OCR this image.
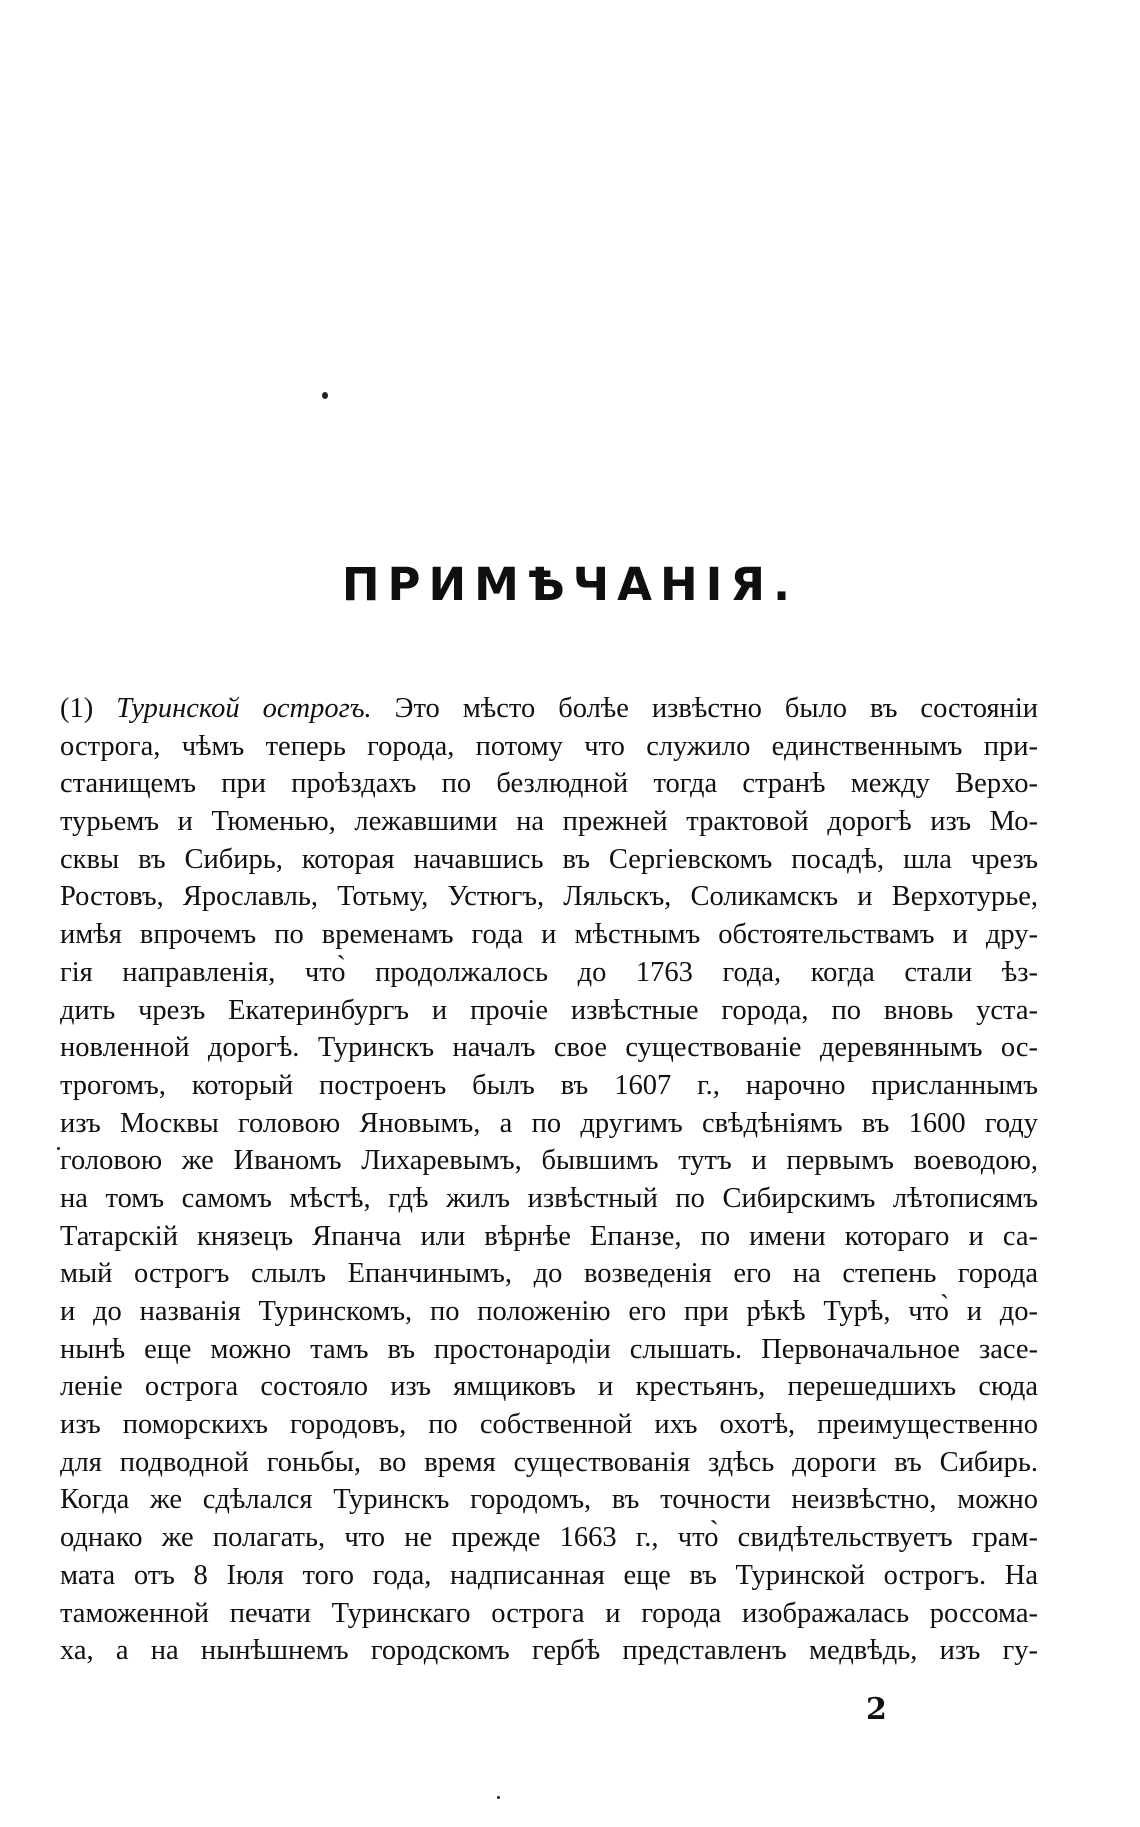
ПРИМѢЧАНІЯ.
(1) Туринской острогъ. Это мѣсто болѣе извѣстно было въ состояніи
острога, чѣмъ теперь города, потому что служило единственнымъ при-
станищемъ при проѣздахъ по безлюдной тогда странѣ между Верхо-
турьемъ и Тюменью, лежавшими на прежней трактовой дорогѣ изъ Мо-
сквы въ Сибирь, которая начавшись въ Сергіевскомъ посадѣ, шла чрезъ
Ростовъ, Ярославль, Тотьму, Устюгъ, Ляльскъ, Соликамскъ и Верхотурье,
имѣя впрочемъ по временамъ года и мѣстнымъ обстоятельствамъ и дру-
гія направленія, что̀ продолжалось до 1763 года, когда стали ѣз-
дить чрезъ Екатеринбургъ и прочіе извѣстные города, по вновь уста-
новленной дорогѣ. Туринскъ началъ свое существованіе деревяннымъ ос-
трогомъ, который построенъ былъ въ 1607 г., нарочно присланнымъ
изъ Москвы головою Яновымъ, а по другимъ свѣдѣніямъ въ 1600 году
головою же Иваномъ Лихаревымъ, бывшимъ тутъ и первымъ воеводою,
на томъ самомъ мѣстѣ, гдѣ жилъ извѣстный по Сибирскимъ лѣтописямъ
Татарскій князецъ Япанча или вѣрнѣе Епанзе, по имени котораго и са-
мый острогъ слылъ Епанчинымъ, до возведенія его на степень города
и до названія Туринскомъ, по положенію его при рѣкѣ Турѣ, что̀ и до-
нынѣ еще можно тамъ въ простонародіи слышать. Первоначальное засе-
леніе острога состояло изъ ямщиковъ и крестьянъ, перешедшихъ сюда
изъ поморскихъ городовъ, по собственной ихъ охотѣ, преимущественно
для подводной гоньбы, во время существованія здѣсь дороги въ Сибирь.
Когда же сдѣлался Туринскъ городомъ, въ точности неизвѣстно, можно
однако же полагать, что не прежде 1663 г., что̀ свидѣтельствуетъ грам-
мата отъ 8 Іюля того года, надписанная еще въ Туринской острогъ. На
таможенной печати Туринскаго острога и города изображалась россома-
ха, а на нынѣшнемъ городскомъ гербѣ представленъ медвѣдь, изъ гу-
2
